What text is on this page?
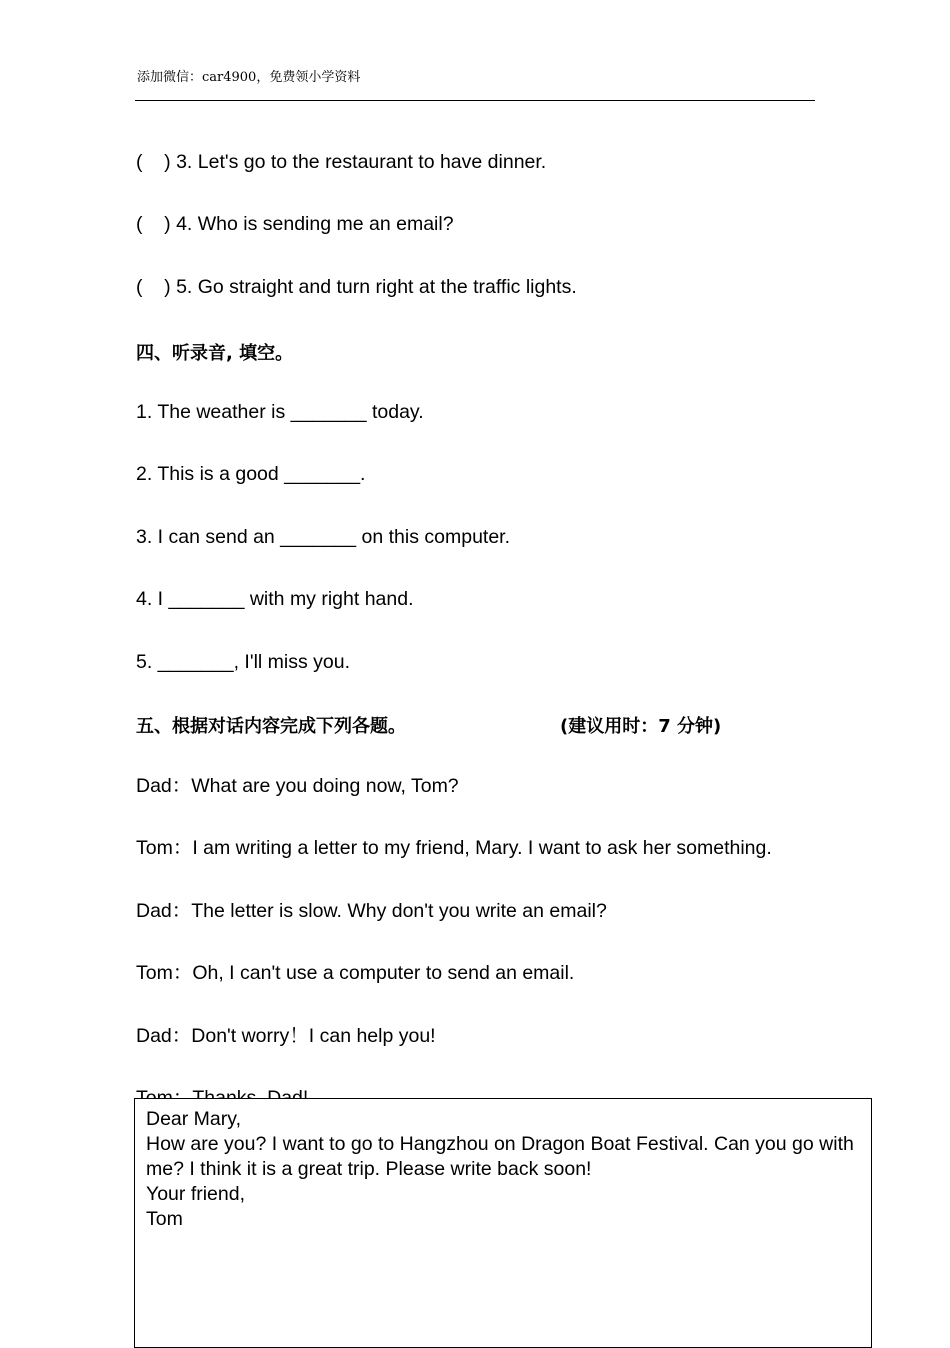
添加微信：car4900，免费领小学资料
(    ) 3. Let's go to the restaurant to have dinner.
(    ) 4. Who is sending me an email?
(    ) 5. Go straight and turn right at the traffic lights.
四、听录音, 填空。
1. The weather is _______ today.
2. This is a good _______.
3. I can send an _______ on this computer.
4. I _______ with my right hand.
5. _______, I'll miss you.
五、根据对话内容完成下列各题。	(建议用时：7 分钟)
Dad：What are you doing now, Tom?
Tom：I am writing a letter to my friend, Mary. I want to ask her something.
Dad：The letter is slow. Why don't you write an email?
Tom：Oh, I can't use a computer to send an email.
Dad：Don't worry！I can help you!
Dear Mary,
How are you? I want to go to Hangzhou on Dragon Boat Festival. Can you go with me? I think it is a great trip. Please write back soon!
Your friend,
Tom
